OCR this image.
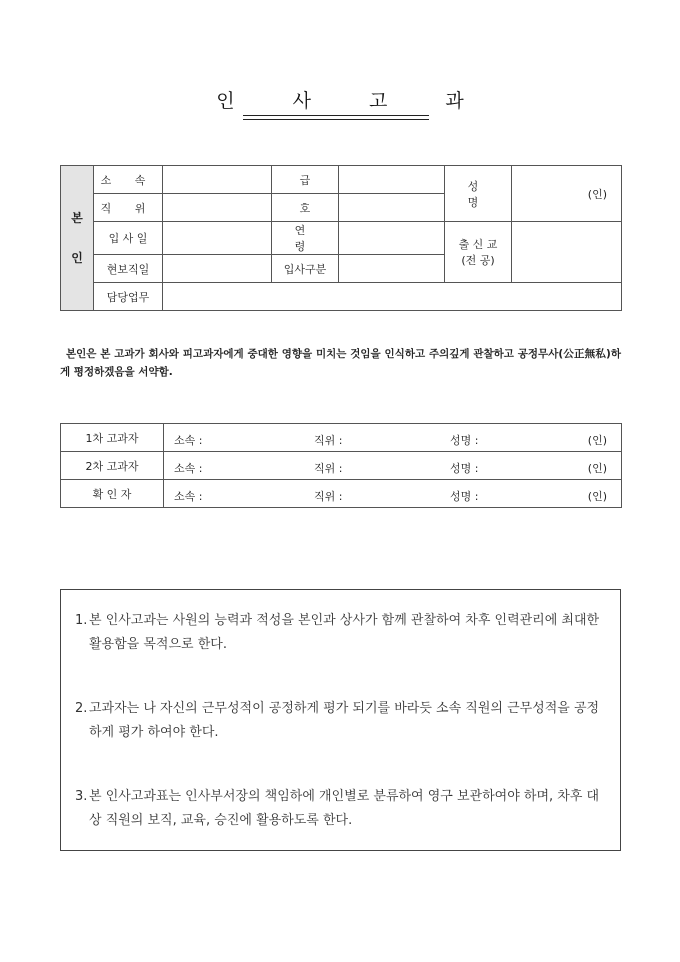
인 사 고 과
본
인	소 속		급		성 명	(인)
	직 위		호			
	입 사 일		연 령		출 신 교
(전 공)	

	현보직일		입사구분			
	담당업무					

본인은 본 고과가 회사와 피고과자에게 중대한 영향을 미치는 것임을 인식하고 주의깊게 관찰하고 공정무사(公正無私)하게 평정하겠음을 서약함.

1차 고과자	소속 : 직위 : 성명 : (인)

2차 고과자	소속 : 직위 : 성명 : (인)

확 인 자	소속 : 직위 : 성명 : (인)
1. 본 인사고과는 사원의 능력과 적성을 본인과 상사가 함께 관찰하여 차후 인력관리에 최대한 활용함을 목적으로 한다.
2. 고과자는 나 자신의 근무성적이 공정하게 평가 되기를 바라듯 소속 직원의 근무성적을 공정하게 평가 하여야 한다.
3. 본 인사고과표는 인사부서장의 책임하에 개인별로 분류하여 영구 보관하여야 하며, 차후 대상 직원의 보직, 교육, 승진에 활용하도록 한다.
